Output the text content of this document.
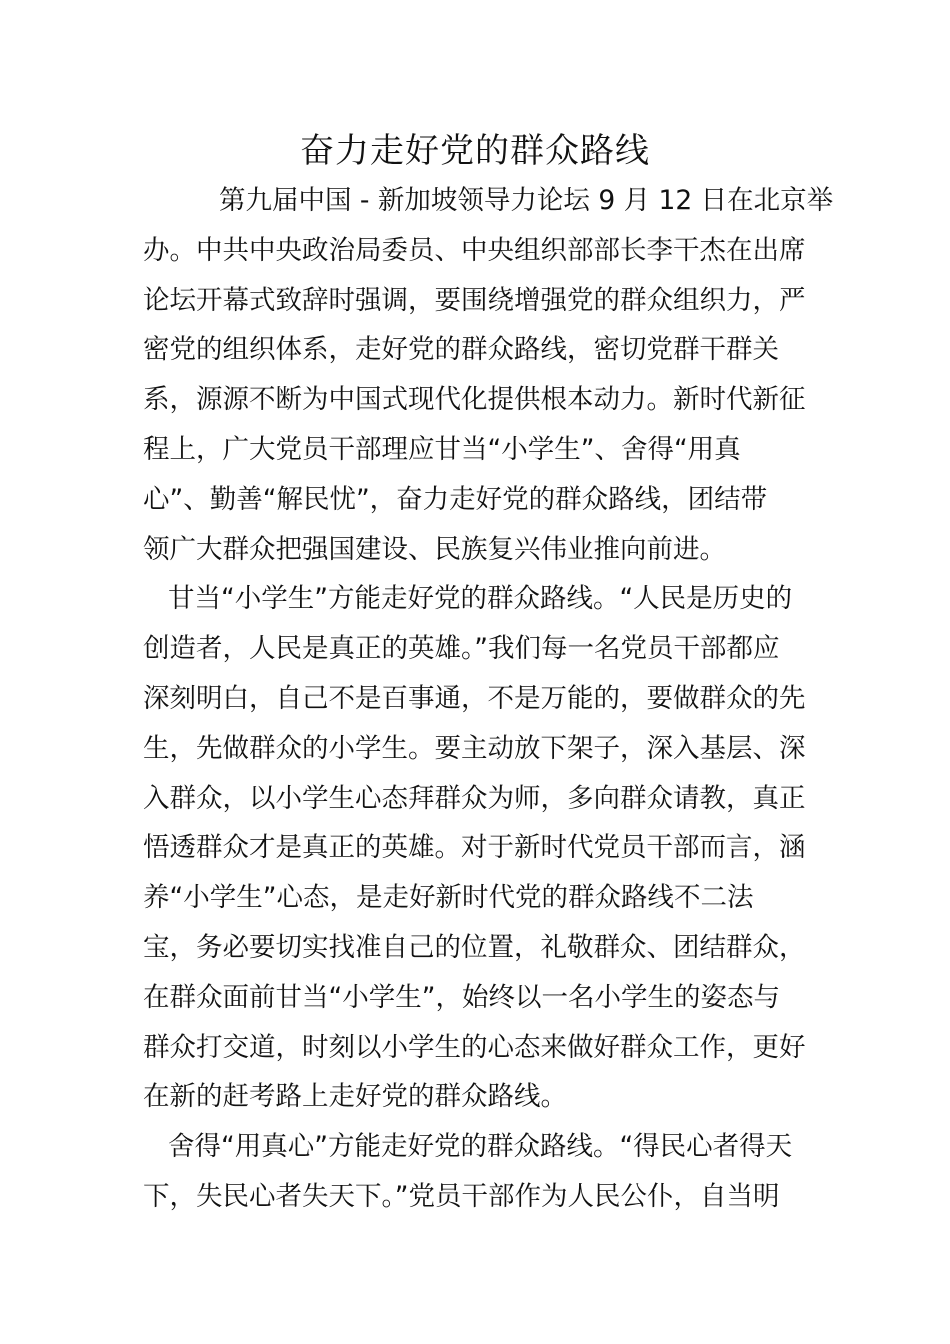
奋力走好党的群众路线
第九届中国 - 新加坡领导力论坛 9 月 12 日在北京举
办。中共中央政治局委员、中央组织部部长李干杰在出席
论坛开幕式致辞时强调，要围绕增强党的群众组织力，严
密党的组织体系，走好党的群众路线，密切党群干群关
系，源源不断为中国式现代化提供根本动力。新时代新征
程上，广大党员干部理应甘当“小学生”、舍得“用真
心”、勤善“解民忧”，奋力走好党的群众路线，团结带
领广大群众把强国建设、民族复兴伟业推向前进。
甘当“小学生”方能走好党的群众路线。“人民是历史的
创造者，人民是真正的英雄。”我们每一名党员干部都应
深刻明白，自己不是百事通，不是万能的，要做群众的先
生，先做群众的小学生。要主动放下架子，深入基层、深
入群众，以小学生心态拜群众为师，多向群众请教，真正
悟透群众才是真正的英雄。对于新时代党员干部而言，涵
养“小学生”心态，是走好新时代党的群众路线不二法
宝，务必要切实找准自己的位置，礼敬群众、团结群众，
在群众面前甘当“小学生”，始终以一名小学生的姿态与
群众打交道，时刻以小学生的心态来做好群众工作，更好
在新的赶考路上走好党的群众路线。
舍得“用真心”方能走好党的群众路线。“得民心者得天
下，失民心者失天下。”党员干部作为人民公仆，自当明
